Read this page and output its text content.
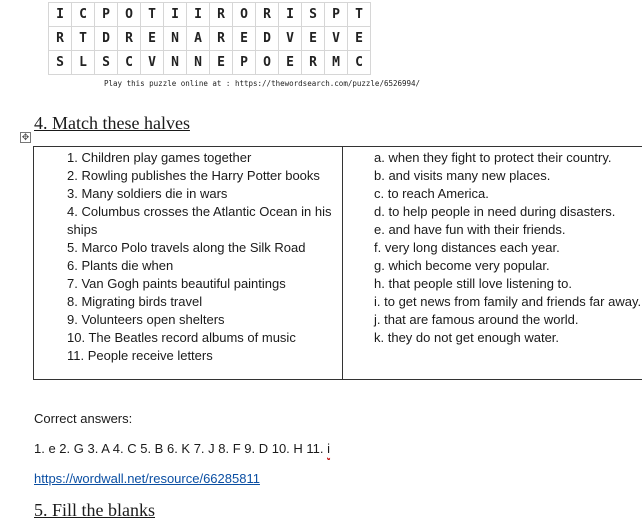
I	C	P	O	T	I	I	R	O	R	I	S	P	T
R	T	D	R	E	N	A	R	E	D	V	E	V	E
S	L	S	C	V	N	N	E	P	O	E	R	M	C
Play this puzzle online at : https://thewordsearch.com/puzzle/6526994/
4. Match these halves
✥
1. Children play games together
2. Rowling publishes the Harry Potter books
3. Many soldiers die in wars
4. Columbus crosses the Atlantic Ocean in his ships
5. Marco Polo travels along the Silk Road
6. Plants die when
7. Van Gogh paints beautiful paintings
8. Migrating birds travel
9. Volunteers open shelters
10. The Beatles record albums of music
11. People receive letters

a. when they fight to protect their country.
b. and visits many new places.
c. to reach America.
d. to help people in need during disasters.
e. and have fun with their friends.
f. very long distances each year.
g. which become very popular.
h. that people still love listening to.
i. to get news from family and friends far away.
j. that are famous around the world.
k. they do not get enough water.
Correct answers:
1. e 2. G 3. A 4. C 5. B 6. K 7. J 8. F 9. D 10. H 11. i
https://wordwall.net/resource/66285811
5. Fill the blanks
